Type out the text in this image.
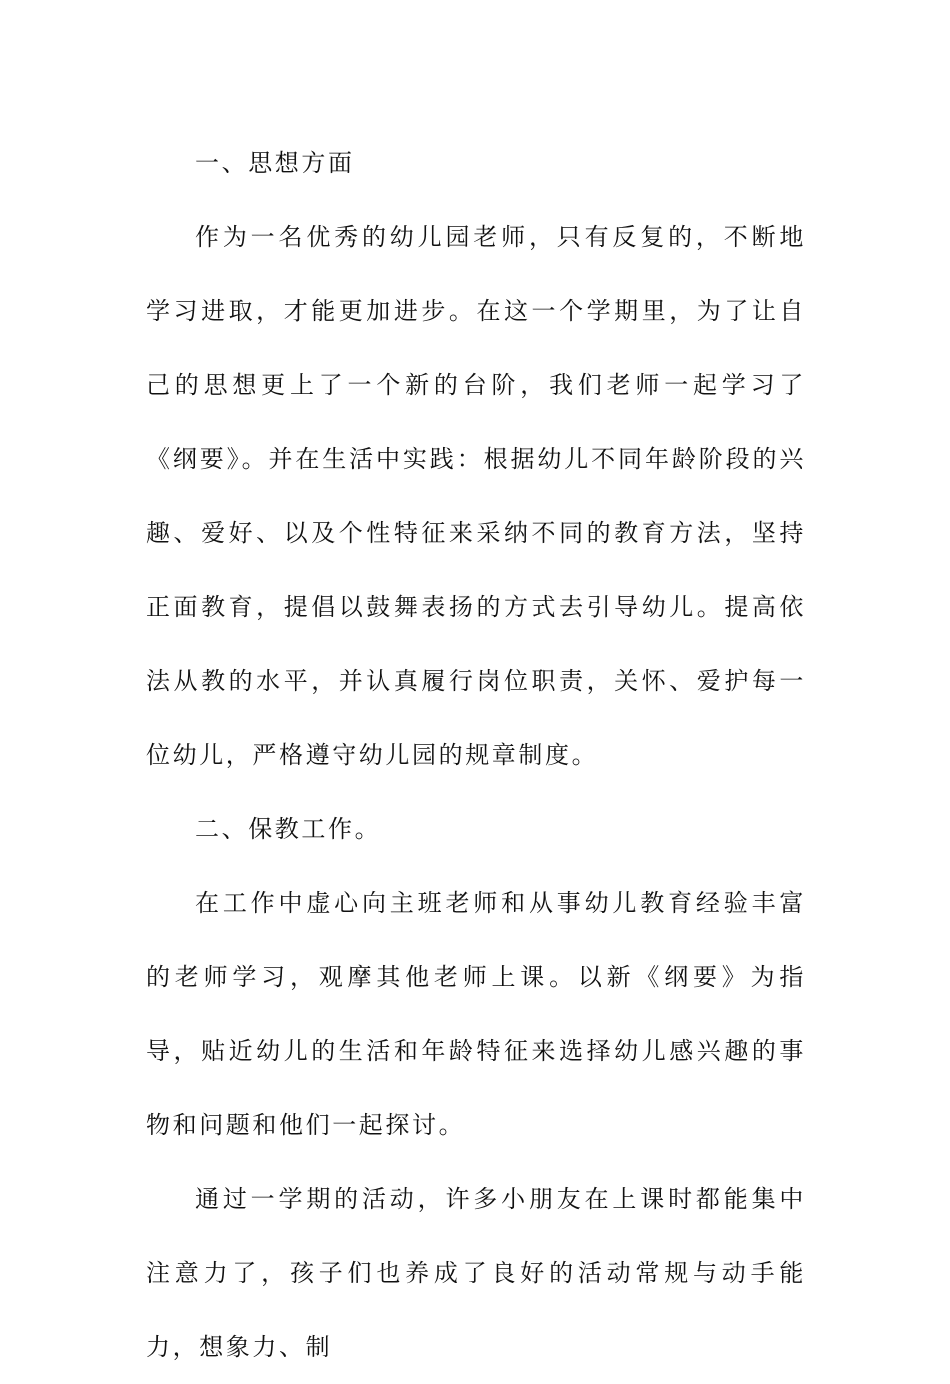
一、思想方面

作为一名优秀的幼儿园老师，只有反复的，不断地学习进取，才能更加进步。在这一个学期里，为了让自己的思想更上了一个新的台阶，我们老师一起学习了《纲要》。并在生活中实践：根据幼儿不同年龄阶段的兴趣、爱好、以及个性特征来采纳不同的教育方法，坚持正面教育，提倡以鼓舞表扬的方式去引导幼儿。提高依法从教的水平，并认真履行岗位职责，关怀、爱护每一位幼儿，严格遵守幼儿园的规章制度。

二、保教工作。

在工作中虚心向主班老师和从事幼儿教育经验丰富的老师学习，观摩其他老师上课。以新《纲要》为指导，贴近幼儿的生活和年龄特征来选择幼儿感兴趣的事物和问题和他们一起探讨。

通过一学期的活动，许多小朋友在上课时都能集中注意力了，孩子们也养成了良好的活动常规与动手能力，想象力、制
